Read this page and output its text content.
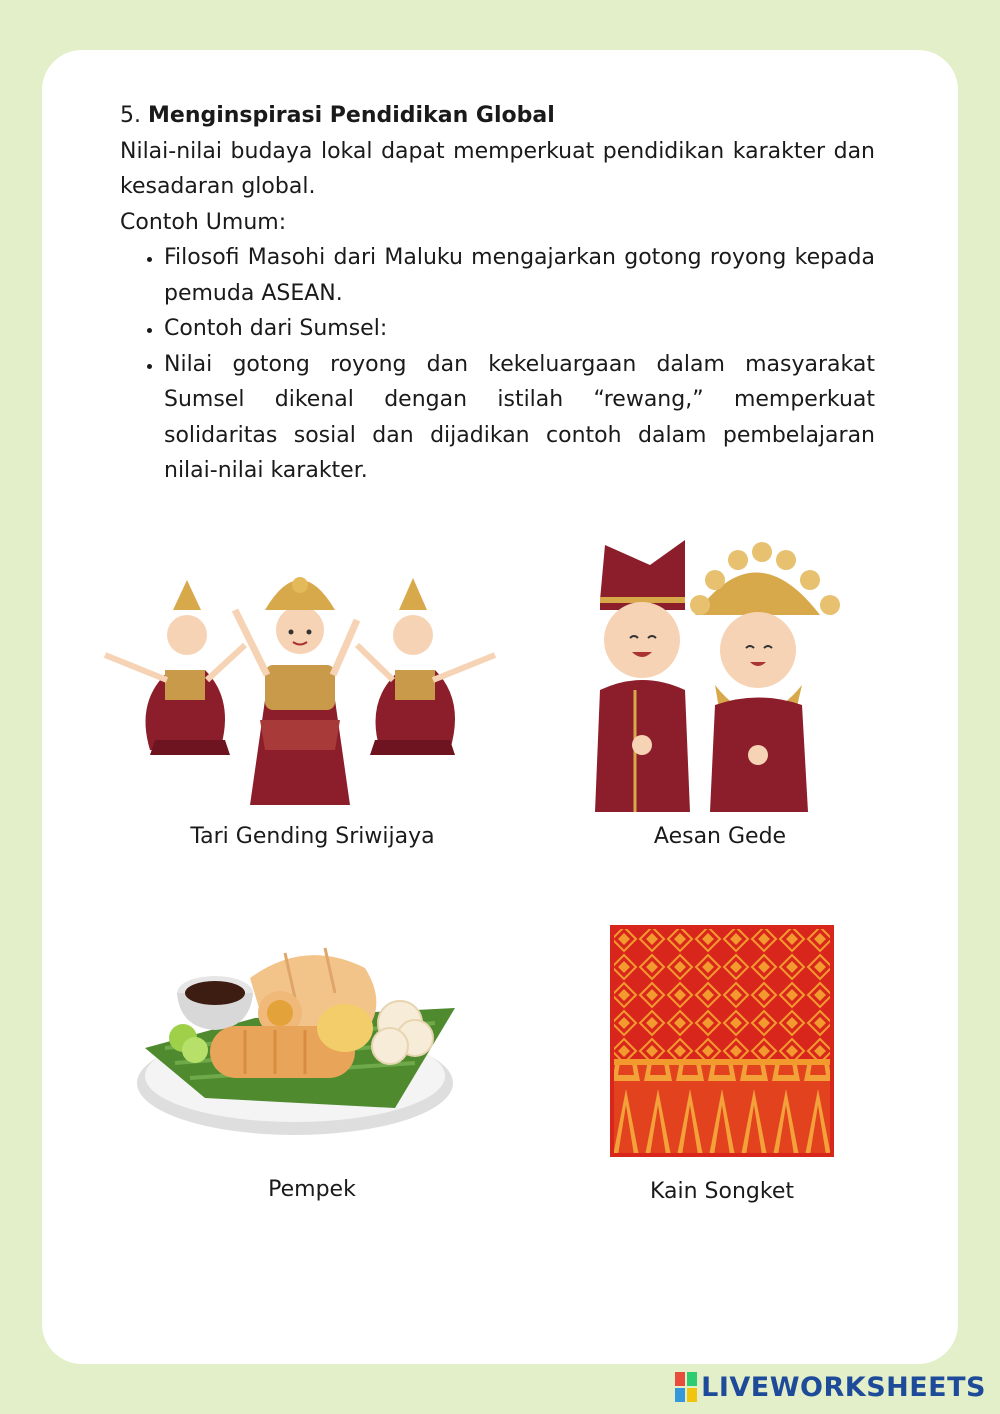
5. Menginspirasi Pendidikan Global

Nilai-nilai budaya lokal dapat memperkuat pendidikan karakter dan kesadaran global.

Contoh Umum:

• Filosofi Masohi dari Maluku mengajarkan gotong royong kepada pemuda ASEAN.
• Contoh dari Sumsel:
• Nilai gotong royong dan kekeluargaan dalam masyarakat Sumsel dikenal dengan istilah “rewang,” memperkuat solidaritas sosial dan dijadikan contoh dalam pembelajaran nilai-nilai karakter.
Tari Gending Sriwijaya	Aesan Gede
Pempek	Kain Songket
LIVEWORKSHEETS
